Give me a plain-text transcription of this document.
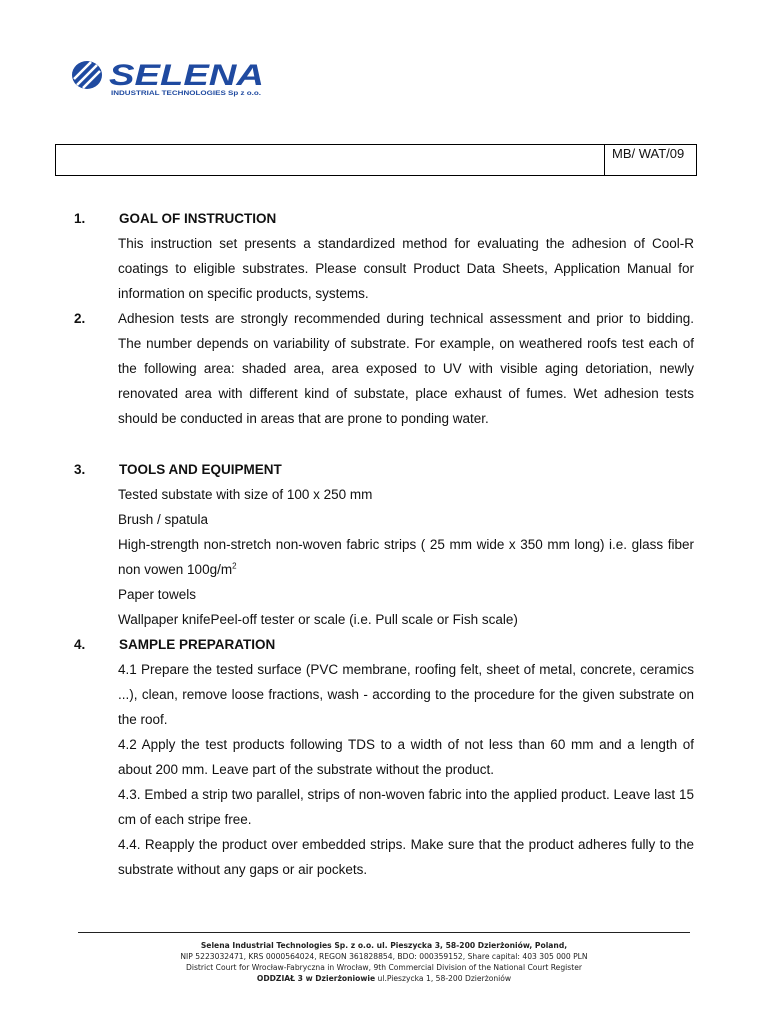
SELENA
INDUSTRIAL TECHNOLOGIES Sp z o.o.
MB/ WAT/09
1. GOAL OF INSTRUCTION

This instruction set presents a standardized method for evaluating the adhesion of Cool-R coatings to eligible substrates. Please consult Product Data Sheets, Application Manual for information on specific products, systems.

2. Adhesion tests are strongly recommended during technical assessment and prior to bidding. The number depends on variability of substrate. For example, on weathered roofs test each of the following area: shaded area, area exposed to UV with visible aging detoriation, newly renovated area with different kind of substate, place exhaust of fumes. Wet adhesion tests should be conducted in areas that are prone to ponding water.

3. TOOLS AND EQUIPMENT

Tested substate with size of 100 x 250 mm

Brush / spatula

High-strength non-stretch non-woven fabric strips ( 25 mm wide x 350 mm long) i.e. glass fiber non vowen $100g/m^2$

Paper towels

Wallpaper knifePeel-off tester or scale (i.e. Pull scale or Fish scale)

4. SAMPLE PREPARATION

4.1 Prepare the tested surface (PVC membrane, roofing felt, sheet of metal, concrete, ceramics ...), clean, remove loose fractions, wash - according to the procedure for the given substrate on the roof.

4.2 Apply the test products following TDS to a width of not less than 60 mm and a length of about 200 mm. Leave part of the substrate without the product.

4.3. Embed a strip two parallel, strips of non-woven fabric into the applied product. Leave last 15 cm of each stripe free.

4.4. Reapply the product over embedded strips. Make sure that the product adheres fully to the substrate without any gaps or air pockets.

Selena Industrial Technologies Sp. z o.o. ul. Pieszycka 3, 58-200 Dzierżoniów, Poland,
NIP 5223032471, KRS 0000564024, REGON 361828854, BDO: 000359152, Share capital: 403 305 000 PLN
District Court for Wrocław-Fabryczna in Wrocław, 9th Commercial Division of the National Court Register
ODDZIAŁ 3 w Dzierżoniowie ul.Pieszycka 1, 58-200 Dzierżoniów
